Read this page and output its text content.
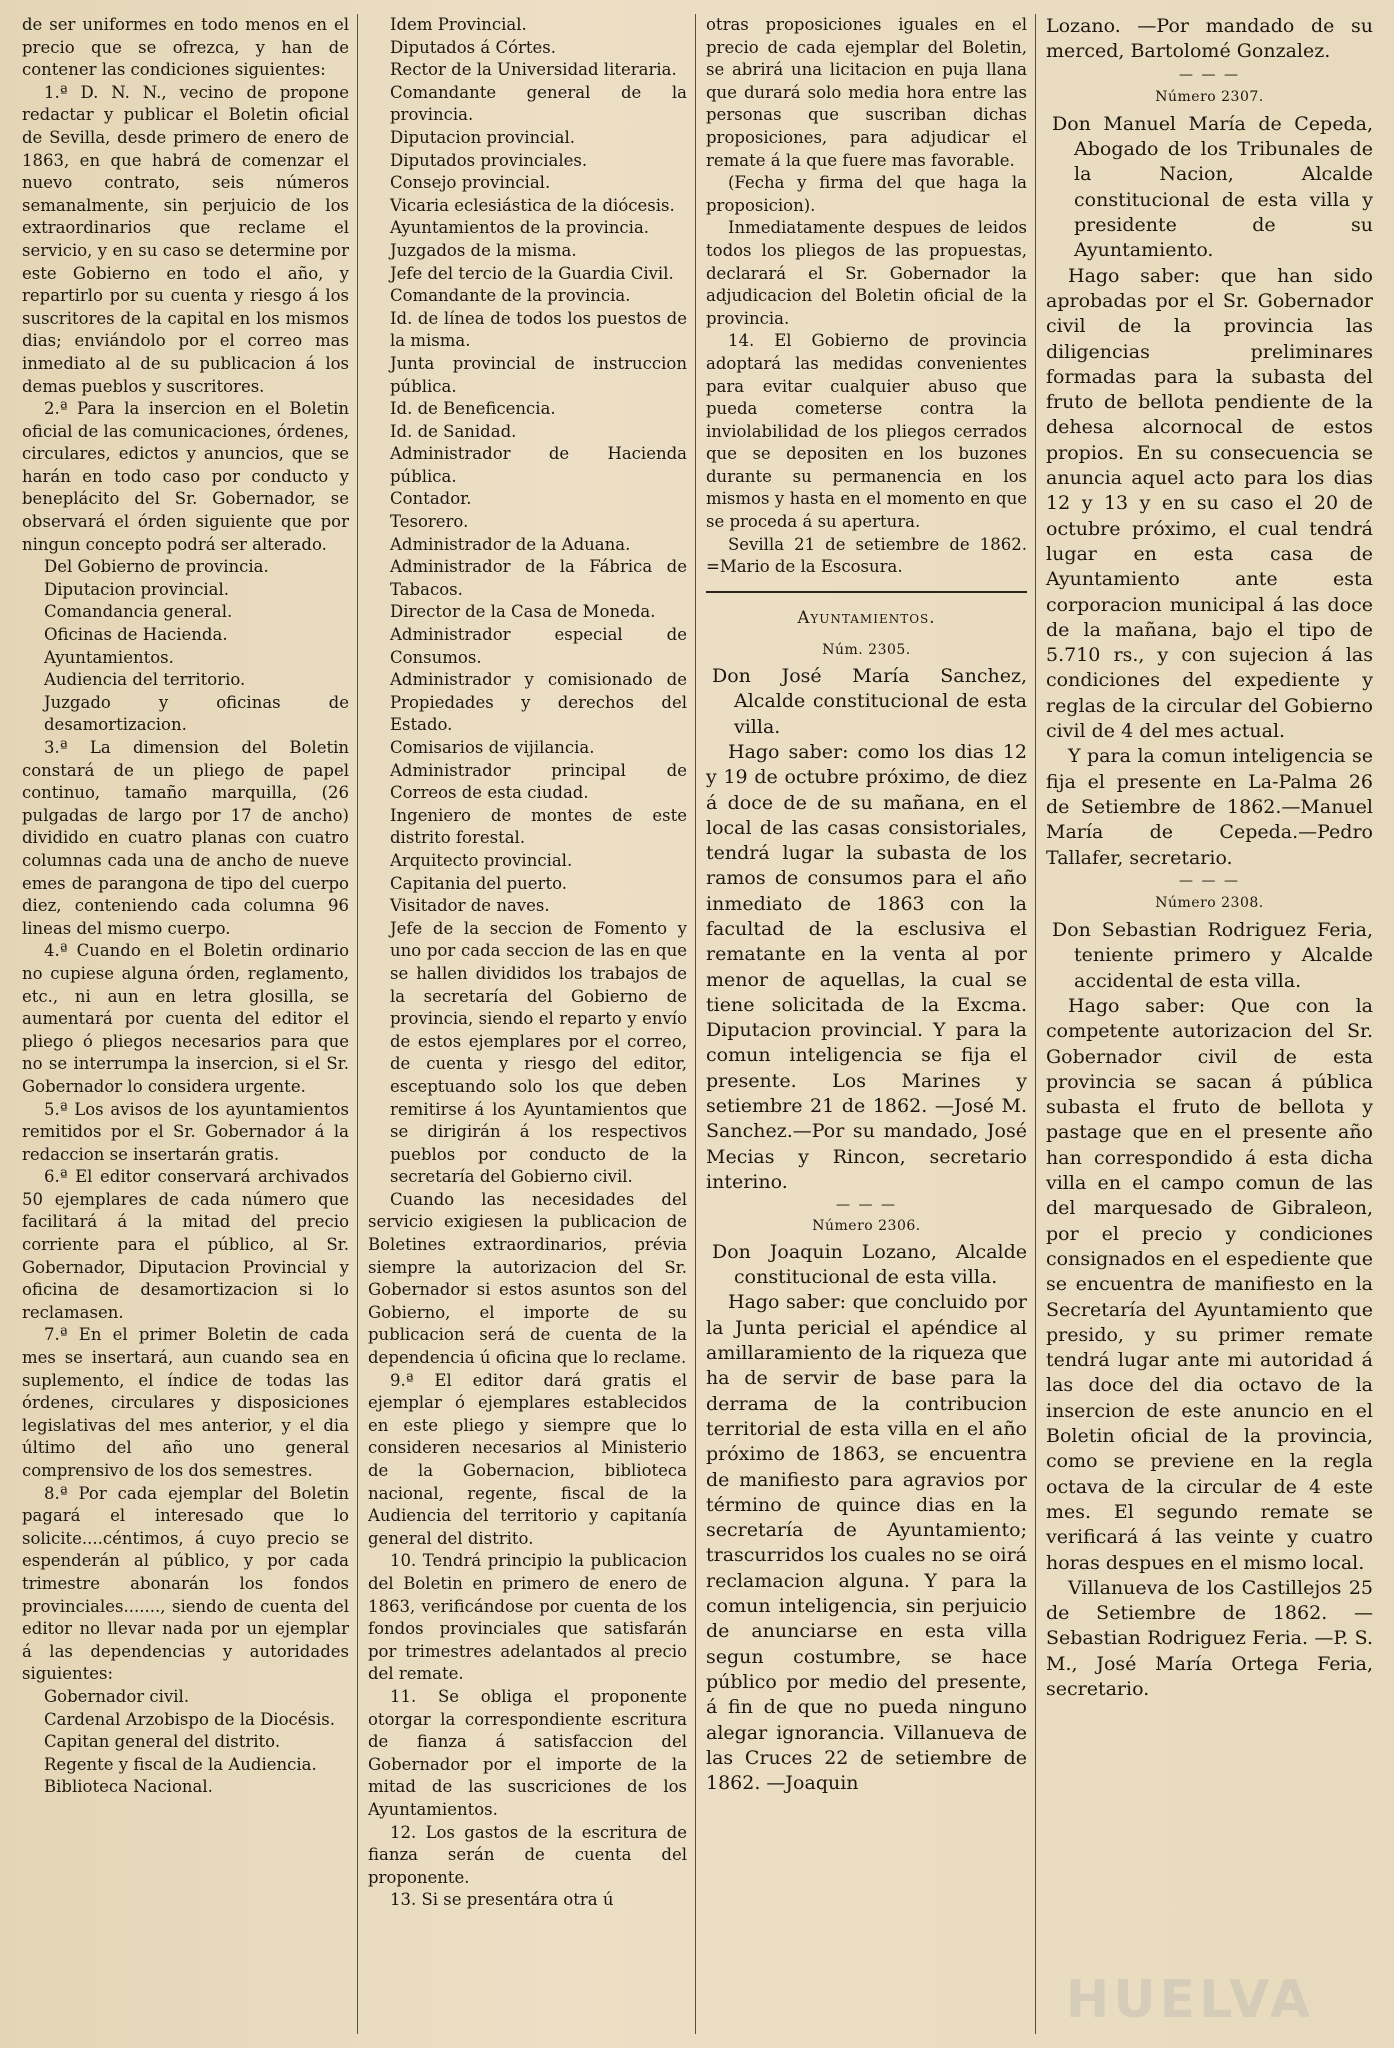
de ser uniformes en todo menos en el precio que se ofrezca, y han de contener las condiciones siguientes:

1.ª D. N. N., vecino de propone redactar y publicar el Boletin oficial de Sevilla, desde primero de enero de 1863, en que habrá de comenzar el nuevo contrato, seis números semanalmente, sin perjuicio de los extraordinarios que reclame el servicio, y en su caso se determine por este Gobierno en todo el año, y repartirlo por su cuenta y riesgo á los suscritores de la capital en los mismos dias; enviándolo por el correo mas inmediato al de su publicacion á los demas pueblos y suscritores.

2.ª Para la insercion en el Boletin oficial de las comunicaciones, órdenes, circulares, edictos y anuncios, que se harán en todo caso por conducto y beneplácito del Sr. Gobernador, se observará el órden siguiente que por ningun concepto podrá ser alterado.

Del Gobierno de provincia.

Diputacion provincial.

Comandancia general.

Oficinas de Hacienda.

Ayuntamientos.

Audiencia del territorio.

Juzgado y oficinas de desamortizacion.

3.ª La dimension del Boletin constará de un pliego de papel continuo, tamaño marquilla, (26 pulgadas de largo por 17 de ancho) dividido en cuatro planas con cuatro columnas cada una de ancho de nueve emes de parangona de tipo del cuerpo diez, conteniendo cada columna 96 lineas del mismo cuerpo.

4.ª Cuando en el Boletin ordinario no cupiese alguna órden, reglamento, etc., ni aun en letra glosilla, se aumentará por cuenta del editor el pliego ó pliegos necesarios para que no se interrumpa la insercion, si el Sr. Gobernador lo considera urgente.

5.ª Los avisos de los ayuntamientos remitidos por el Sr. Gobernador á la redaccion se insertarán gratis.

6.ª El editor conservará archivados 50 ejemplares de cada número que facilitará á la mitad del precio corriente para el público, al Sr. Gobernador, Diputacion Provincial y oficina de desamortizacion si lo reclamasen.

7.ª En el primer Boletin de cada mes se insertará, aun cuando sea en suplemento, el índice de todas las órdenes, circulares y disposiciones legislativas del mes anterior, y el dia último del año uno general comprensivo de los dos semestres.

8.ª Por cada ejemplar del Boletin pagará el interesado que lo solicite....céntimos, á cuyo precio se espenderán al público, y por cada trimestre abonarán los fondos provinciales......., siendo de cuenta del editor no llevar nada por un ejemplar á las dependencias y autoridades siguientes:

Gobernador civil.

Cardenal Arzobispo de la Diocésis.

Capitan general del distrito.

Regente y fiscal de la Audiencia.

Biblioteca Nacional.

Idem Provincial.

Diputados á Córtes.

Rector de la Universidad literaria.

Comandante general de la provincia.

Diputacion provincial.

Diputados provinciales.

Consejo provincial.

Vicaria eclesiástica de la diócesis.

Ayuntamientos de la provincia.

Juzgados de la misma.

Jefe del tercio de la Guardia Civil.

Comandante de la provincia.

Id. de línea de todos los puestos de la misma.

Junta provincial de instruccion pública.

Id. de Beneficencia.

Id. de Sanidad.

Administrador de Hacienda pública.

Contador.

Tesorero.

Administrador de la Aduana.

Administrador de la Fábrica de Tabacos.

Director de la Casa de Moneda.

Administrador especial de Consumos.

Administrador y comisionado de Propiedades y derechos del Estado.

Comisarios de vijilancia.

Administrador principal de Correos de esta ciudad.

Ingeniero de montes de este distrito forestal.

Arquitecto provincial.

Capitania del puerto.

Visitador de naves.

Jefe de la seccion de Fomento y uno por cada seccion de las en que se hallen divididos los trabajos de la secretaría del Gobierno de provincia, siendo el reparto y envío de estos ejemplares por el correo, de cuenta y riesgo del editor, esceptuando solo los que deben remitirse á los Ayuntamientos que se dirigirán á los respectivos pueblos por conducto de la secretaría del Gobierno civil.

Cuando las necesidades del servicio exigiesen la publicacion de Boletines extraordinarios, prévia siempre la autorizacion del Sr. Gobernador si estos asuntos son del Gobierno, el importe de su publicacion será de cuenta de la dependencia ú oficina que lo reclame.

9.ª El editor dará gratis el ejemplar ó ejemplares establecidos en este pliego y siempre que lo consideren necesarios al Ministerio de la Gobernacion, biblioteca nacional, regente, fiscal de la Audiencia del territorio y capitanía general del distrito.

10. Tendrá principio la publicacion del Boletin en primero de enero de 1863, verificándose por cuenta de los fondos provinciales que satisfarán por trimestres adelantados al precio del remate.

11. Se obliga el proponente otorgar la correspondiente escritura de fianza á satisfaccion del Gobernador por el importe de la mitad de las suscriciones de los Ayuntamientos.

12. Los gastos de la escritura de fianza serán de cuenta del proponente.

13. Si se presentára otra ú

otras proposiciones iguales en el precio de cada ejemplar del Boletin, se abrirá una licitacion en puja llana que durará solo media hora entre las personas que suscriban dichas proposiciones, para adjudicar el remate á la que fuere mas favorable.

(Fecha y firma del que haga la proposicion).

Inmediatamente despues de leidos todos los pliegos de las propuestas, declarará el Sr. Gobernador la adjudicacion del Boletin oficial de la provincia.

14. El Gobierno de provincia adoptará las medidas convenientes para evitar cualquier abuso que pueda cometerse contra la inviolabilidad de los pliegos cerrados que se depositen en los buzones durante su permanencia en los mismos y hasta en el momento en que se proceda á su apertura.

Sevilla 21 de setiembre de 1862. =Mario de la Escosura.

Ayuntamientos.

Núm. 2305.

Don José María Sanchez, Alcalde constitucional de esta villa.

Hago saber: como los dias 12 y 19 de octubre próximo, de diez á doce de de su mañana, en el local de las casas consistoriales, tendrá lugar la subasta de los ramos de consumos para el año inmediato de 1863 con la facultad de la esclusiva el rematante en la venta al por menor de aquellas, la cual se tiene solicitada de la Excma. Diputacion provincial. Y para la comun inteligencia se fija el presente. Los Marines y setiembre 21 de 1862. —José M. Sanchez.—Por su mandado, José Mecias y Rincon, secretario interino.

— — —

Número 2306.

Don Joaquin Lozano, Alcalde constitucional de esta villa.

Hago saber: que concluido por la Junta pericial el apéndice al amillaramiento de la riqueza que ha de servir de base para la derrama de la contribucion territorial de esta villa en el año próximo de 1863, se encuentra de manifiesto para agravios por término de quince dias en la secretaría de Ayuntamiento; trascurridos los cuales no se oirá reclamacion alguna. Y para la comun inteligencia, sin perjuicio de anunciarse en esta villa segun costumbre, se hace público por medio del presente, á fin de que no pueda ninguno alegar ignorancia. Villanueva de las Cruces 22 de setiembre de 1862. —Joaquin

Lozano. —Por mandado de su merced, Bartolomé Gonzalez.

— — —

Número 2307.

Don Manuel María de Cepeda, Abogado de los Tribunales de la Nacion, Alcalde constitucional de esta villa y presidente de su Ayuntamiento.

Hago saber: que han sido aprobadas por el Sr. Gobernador civil de la provincia las diligencias preliminares formadas para la subasta del fruto de bellota pendiente de la dehesa alcornocal de estos propios. En su consecuencia se anuncia aquel acto para los dias 12 y 13 y en su caso el 20 de octubre próximo, el cual tendrá lugar en esta casa de Ayuntamiento ante esta corporacion municipal á las doce de la mañana, bajo el tipo de 5.710 rs., y con sujecion á las condiciones del expediente y reglas de la circular del Gobierno civil de 4 del mes actual.

Y para la comun inteligencia se fija el presente en La-Palma 26 de Setiembre de 1862.—Manuel María de Cepeda.—Pedro Tallafer, secretario.

— — —

Número 2308.

Don Sebastian Rodriguez Feria, teniente primero y Alcalde accidental de esta villa.

Hago saber: Que con la competente autorizacion del Sr. Gobernador civil de esta provincia se sacan á pública subasta el fruto de bellota y pastage que en el presente año han correspondido á esta dicha villa en el campo comun de las del marquesado de Gibraleon, por el precio y condiciones consignados en el espediente que se encuentra de manifiesto en la Secretaría del Ayuntamiento que presido, y su primer remate tendrá lugar ante mi autoridad á las doce del dia octavo de la insercion de este anuncio en el Boletin oficial de la provincia, como se previene en la regla octava de la circular de 4 este mes. El segundo remate se verificará á las veinte y cuatro horas despues en el mismo local.

Villanueva de los Castillejos 25 de Setiembre de 1862. —Sebastian Rodriguez Feria. —P. S. M., José María Ortega Feria, secretario.

HUELVA
